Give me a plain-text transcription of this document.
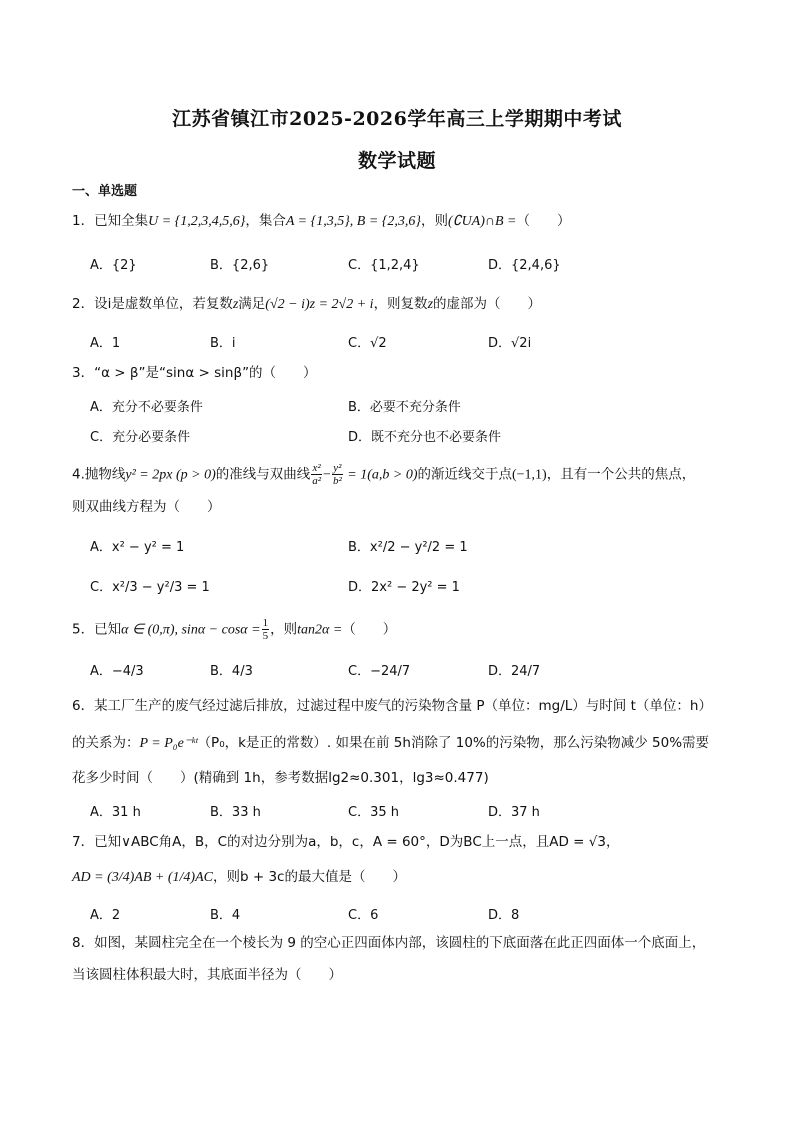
江苏省镇江市2025-2026学年高三上学期期中考试
数学试题
一、单选题
1．已知全集U = {1,2,3,4,5,6}，集合A = {1,3,5}, B = {2,3,6}，则(∁UA)∩B =（　　）
A．{2}	B．{2,6}	C．{1,2,4}	D．{2,4,6}
2．设i是虚数单位，若复数z满足(√2 − i)z = 2√2 + i，则复数z的虚部为（　　）
A．1	B．i	C．√2	D．√2i
3．“α > β”是“sinα > sinβ”的（　　）
A．充分不必要条件	B．必要不充分条件
C．充分必要条件	D．既不充分也不必要条件
4.抛物线y² = 2px (p > 0)的准线与双曲线 $\frac{\text{x²}}{\text{a²}} - \frac{\text{y²}}{\text{b²}} = 1(a,b > 0)$的渐近线交于点(−1,1)，且有一个公共的焦点，
则双曲线方程为（　　）
A．x² − y² = 1	B．x²/2 − y²/2 = 1
C．x²/3 − y²/3 = 1	D．2x² − 2y² = 1
5．已知α ∈ (0,π), $\sin\alpha - \cos\alpha = \frac{1}{5}$ ，则tan2α =（　　）
A．−4/3	B．4/3	C．−24/7	D．24/7
6．某工厂生产的废气经过滤后排放，过滤过程中废气的污染物含量 P（单位：mg/L）与时间 t（单位：h）
的关系为：P = P₀e⁻ᵏᵗ（P₀，k是正的常数）. 如果在前 5h消除了 10%的污染物，那么污染物减少 50%需要
花多少时间（　　）(精确到 1h，参考数据lg2≈0.301，lg3≈0.477)
A．31 h	B．33 h	C．35 h	D．37 h
7．已知∨ABC角A，B，C的对边分别为a，b，c，A = 60°，D为BC上一点，且AD = √3，
AD = (3/4)AB + (1/4)AC，则b + 3c的最大值是（　　）
A．2	B．4	C．6	D．8
8．如图，某圆柱完全在一个棱长为 9 的空心正四面体内部，该圆柱的下底面落在此正四面体一个底面上，
当该圆柱体积最大时，其底面半径为（　　）
